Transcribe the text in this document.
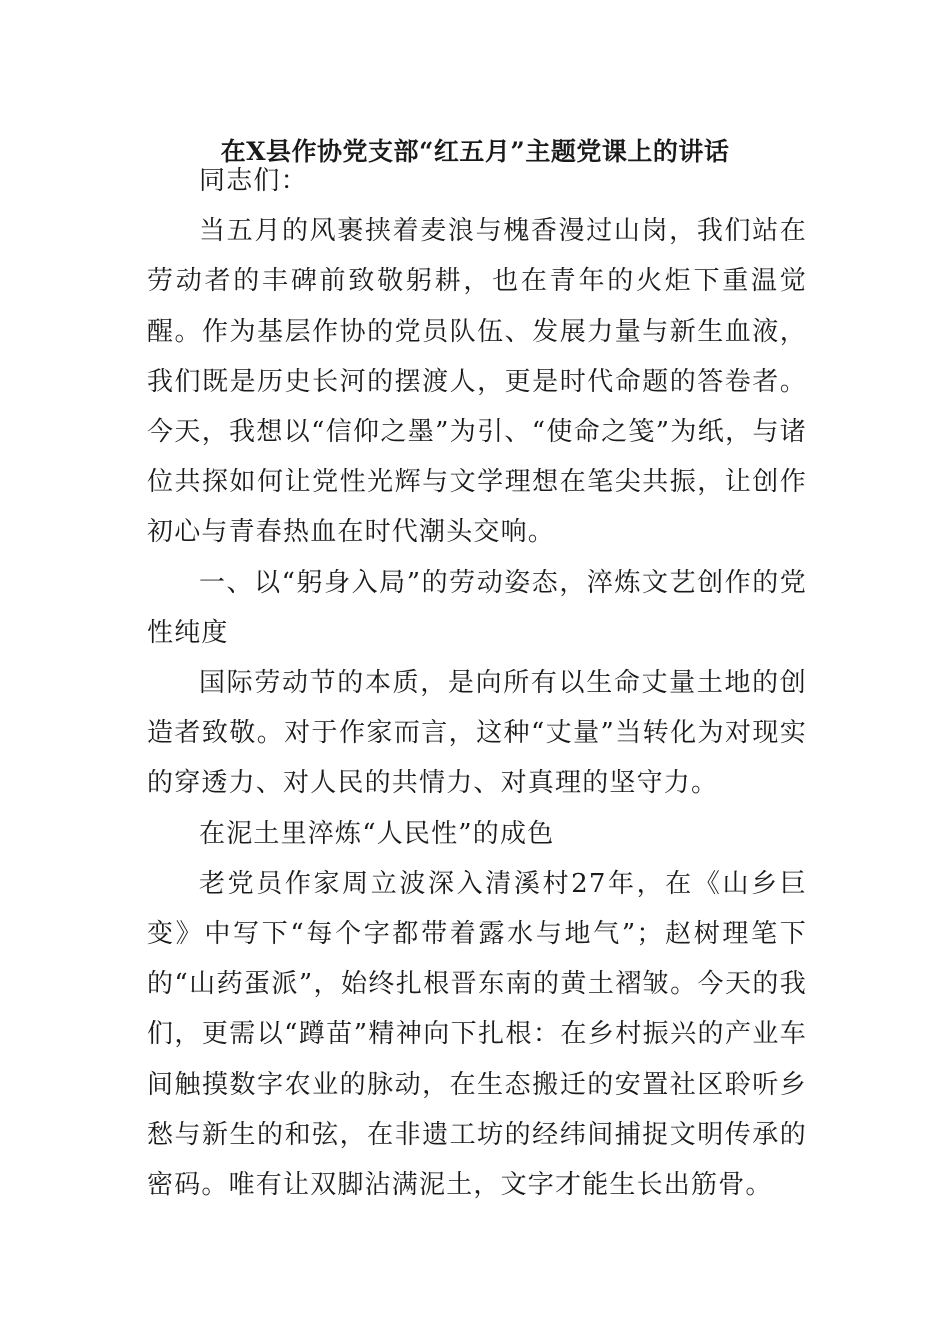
在X县作协党支部“红五月”主题党课上的讲话

同志们：

当五月的风裹挟着麦浪与槐香漫过山岗，我们站在劳动者的丰碑前致敬躬耕，也在青年的火炬下重温觉醒。作为基层作协的党员队伍、发展力量与新生血液，我们既是历史长河的摆渡人，更是时代命题的答卷者。今天，我想以“信仰之墨”为引、“使命之笺”为纸，与诸位共探如何让党性光辉与文学理想在笔尖共振，让创作初心与青春热血在时代潮头交响。

一、以“躬身入局”的劳动姿态，淬炼文艺创作的党性纯度

国际劳动节的本质，是向所有以生命丈量土地的创造者致敬。对于作家而言，这种“丈量”当转化为对现实的穿透力、对人民的共情力、对真理的坚守力。

在泥土里淬炼“人民性”的成色

老党员作家周立波深入清溪村27年，在《山乡巨变》中写下“每个字都带着露水与地气”；赵树理笔下的“山药蛋派”，始终扎根晋东南的黄土褶皱。今天的我们，更需以“蹲苗”精神向下扎根：在乡村振兴的产业车间触摸数字农业的脉动，在生态搬迁的安置社区聆听乡愁与新生的和弦，在非遗工坊的经纬间捕捉文明传承的密码。唯有让双脚沾满泥土，文字才能生长出筋骨。
